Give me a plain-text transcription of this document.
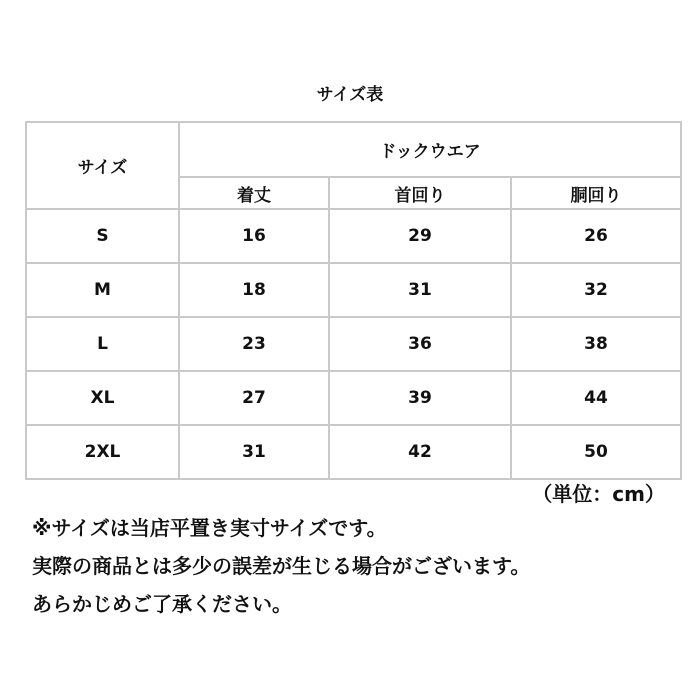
サイズ表
サイズ	ドックウエア		
	着丈	首回り	胴回り
S	16	29	26
M	18	31	32
L	23	36	38
XL	27	39	44
2XL	31	42	50
（単位：cm）
※サイズは当店平置き実寸サイズです。
実際の商品とは多少の誤差が生じる場合がございます。
あらかじめご了承ください。
